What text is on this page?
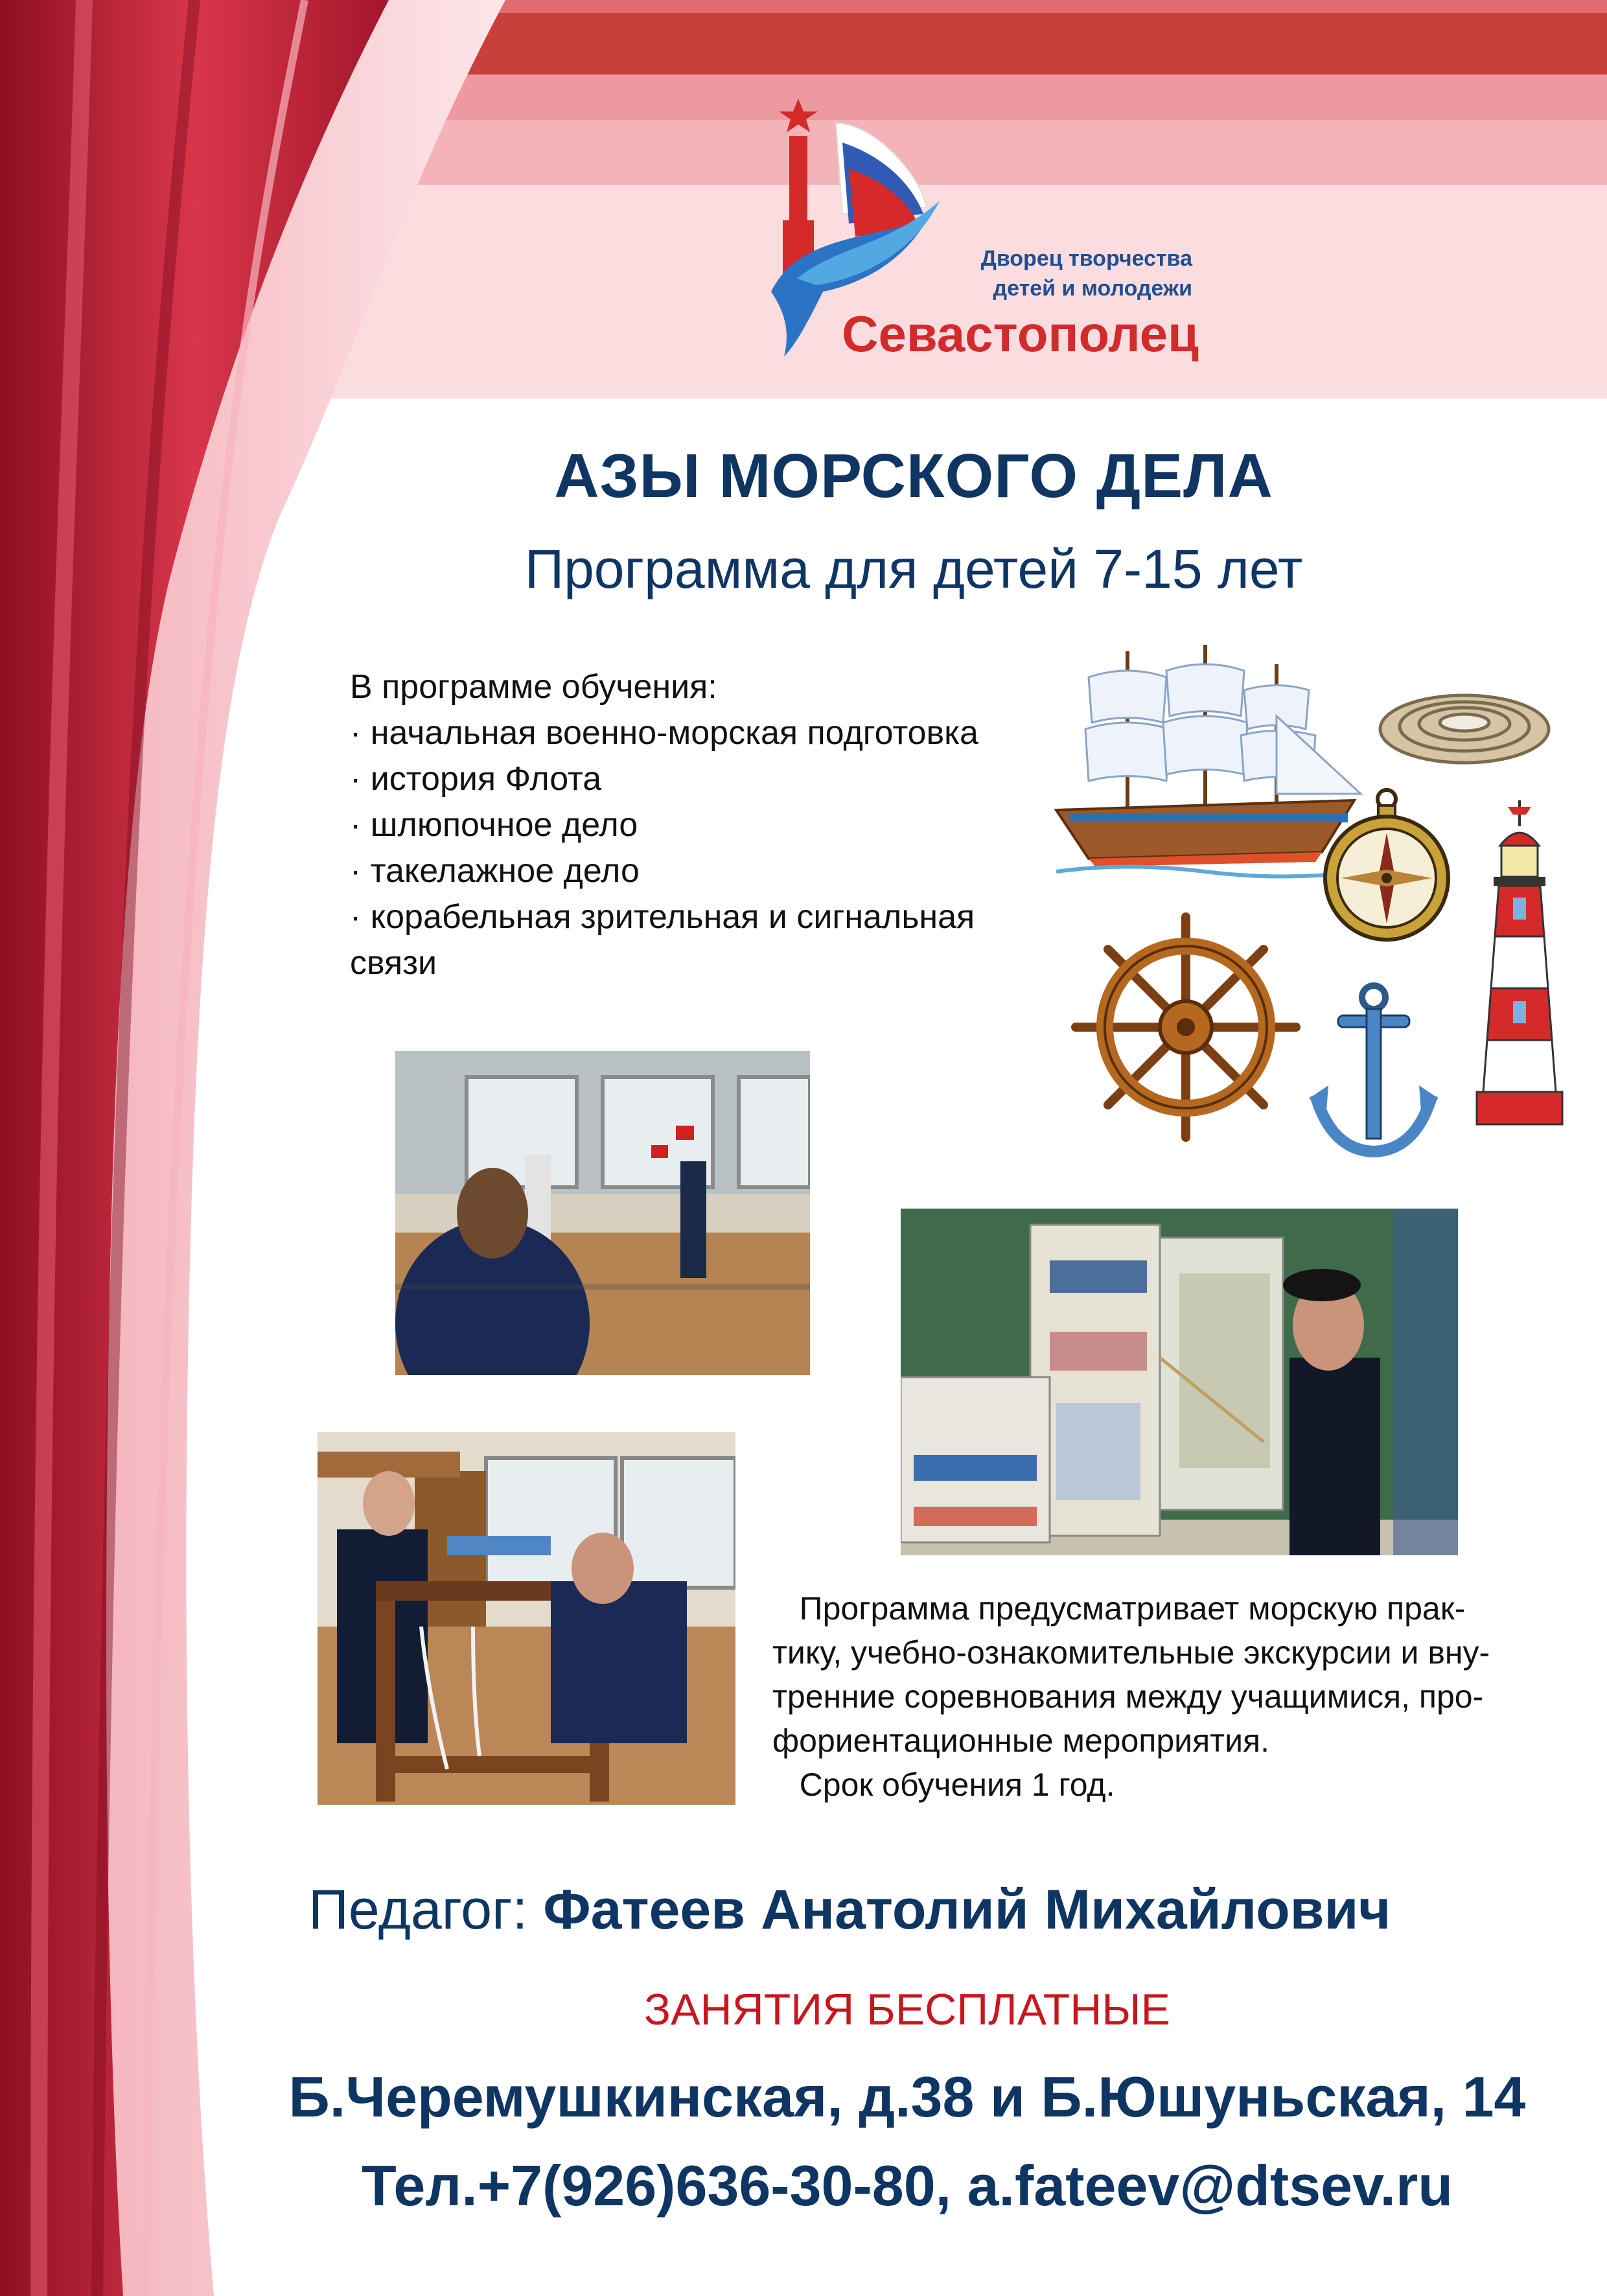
Дворец творчества
детей и молодежи
Севастополец
АЗЫ МОРСКОГО ДЕЛА
Программа для детей 7-15 лет
В программе обучения:
· начальная военно-морская подготовка
· история Флота
· шлюпочное дело
· такелажное дело
· корабельная зрительная и сигнальная
связи
Программа предусматривает морскую прак-
тику, учебно-ознакомительные экскурсии и вну-
тренние соревнования между учащимися, про-
фориентационные мероприятия.
Срок обучения 1 год.
Педагог: Фатеев Анатолий Михайлович
ЗАНЯТИЯ БЕСПЛАТНЫЕ
Б.Черемушкинская, д.38 и Б.Юшуньская, 14
Тел.+7(926)636-30-80, a.fateev@dtsev.ru
